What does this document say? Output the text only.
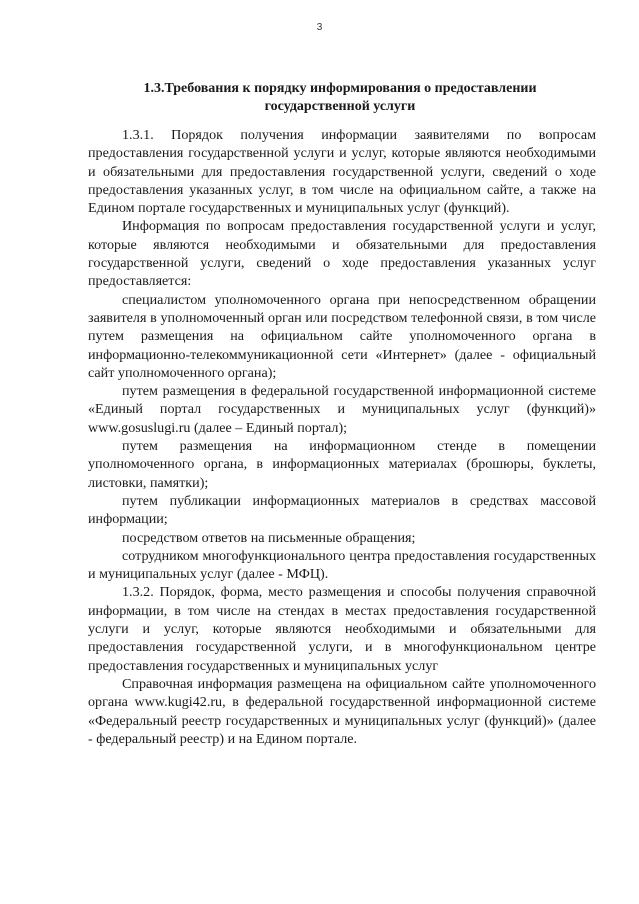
3
1.3.Требования к порядку информирования о предоставлении государственной услуги

1.3.1. Порядок получения информации заявителями по вопросам предоставления государственной услуги и услуг, которые являются необходимыми и обязательными для предоставления государственной услуги, сведений о ходе предоставления указанных услуг, в том числе на официальном сайте, а также на Едином портале государственных и муниципальных услуг (функций).

Информация по вопросам предоставления государственной услуги и услуг, которые являются необходимыми и обязательными для предоставления государственной услуги, сведений о ходе предоставления указанных услуг предоставляется:

специалистом уполномоченного органа при непосредственном обращении заявителя в уполномоченный орган или посредством телефонной связи, в том числе путем размещения на официальном сайте уполномоченного органа в информационно-телекоммуникационной сети «Интернет» (далее - официальный сайт уполномоченного органа);

путем размещения в федеральной государственной информационной системе «Единый портал государственных и муниципальных услуг (функций)» www.gosuslugi.ru (далее – Единый портал);

путем размещения на информационном стенде в помещении уполномоченного органа, в информационных материалах (брошюры, буклеты, листовки, памятки);

путем публикации информационных материалов в средствах массовой информации;

посредством ответов на письменные обращения;

сотрудником многофункционального центра предоставления государственных и муниципальных услуг (далее - МФЦ).

1.3.2. Порядок, форма, место размещения и способы получения справочной информации, в том числе на стендах в местах предоставления государственной услуги и услуг, которые являются необходимыми и обязательными для предоставления государственной услуги, и в многофункциональном центре предоставления государственных и муниципальных услуг

Справочная информация размещена на официальном сайте уполномоченного органа www.kugi42.ru, в федеральной государственной информационной системе «Федеральный реестр государственных и муниципальных услуг (функций)» (далее - федеральный реестр) и на Едином портале.
